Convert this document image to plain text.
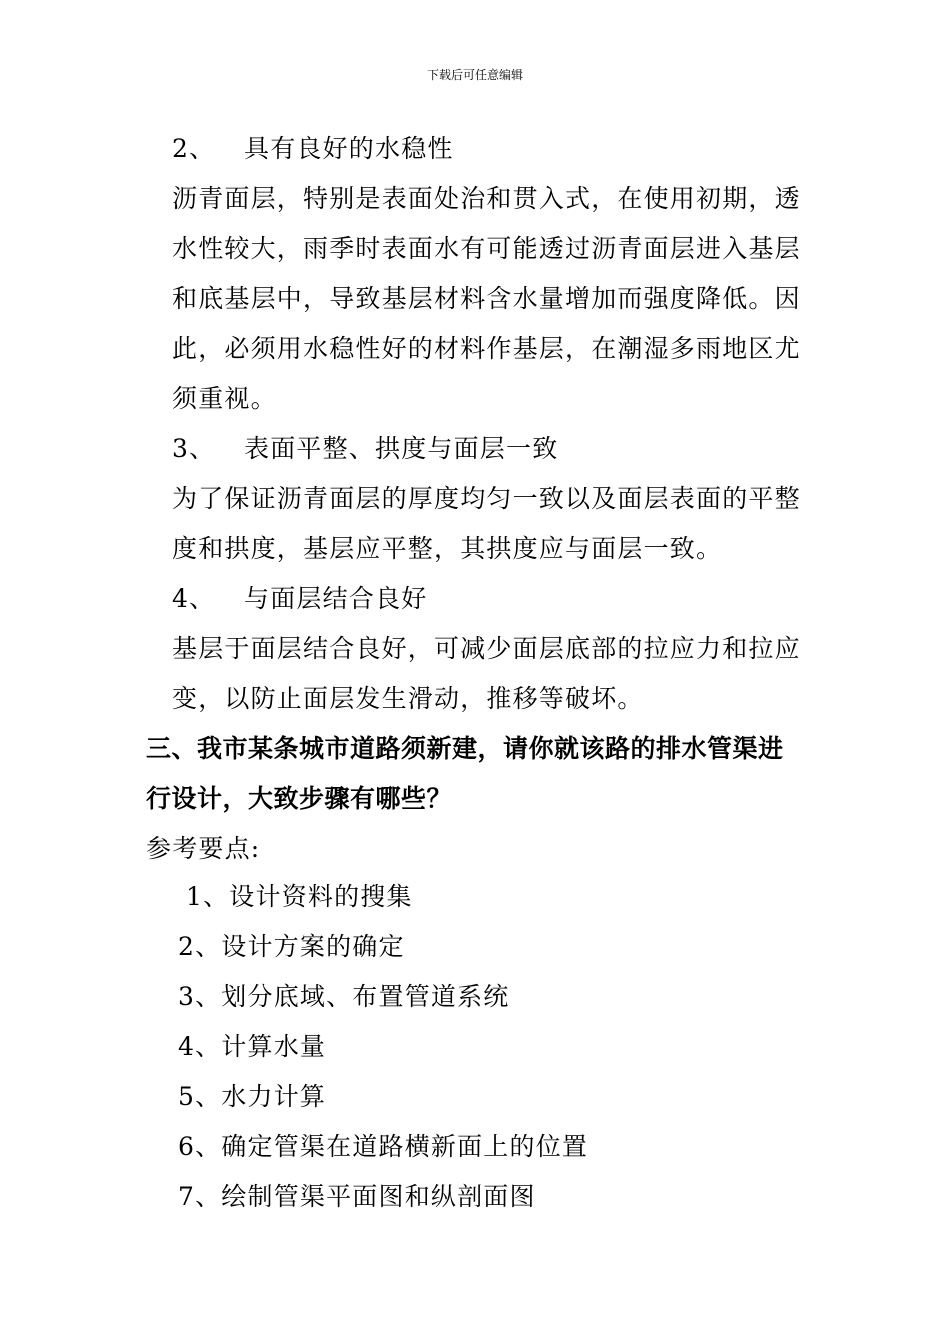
下载后可任意编辑
2、 具有良好的水稳性
沥青面层，特别是表面处治和贯入式，在使用初期，透
水性较大，雨季时表面水有可能透过沥青面层进入基层
和底基层中，导致基层材料含水量增加而强度降低。因
此，必须用水稳性好的材料作基层，在潮湿多雨地区尤
须重视。
3、 表面平整、拱度与面层一致
为了保证沥青面层的厚度均匀一致以及面层表面的平整
度和拱度，基层应平整，其拱度应与面层一致。
4、 与面层结合良好
基层于面层结合良好，可减少面层底部的拉应力和拉应
变，以防止面层发生滑动，推移等破坏。
三、我市某条城市道路须新建，请你就该路的排水管渠进
行设计，大致步骤有哪些？
参考要点:
1、设计资料的搜集
2、设计方案的确定
3、划分底域、布置管道系统
4、计算水量
5、水力计算
6、确定管渠在道路横新面上的位置
7、绘制管渠平面图和纵剖面图
